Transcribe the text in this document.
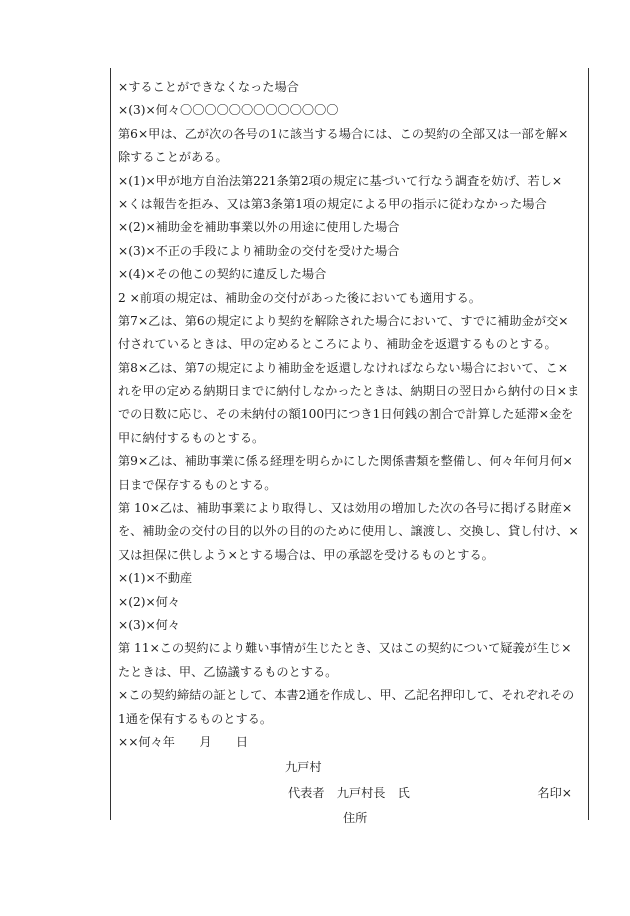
×することができなくなった場合
×(3)×何々〇〇〇〇〇〇〇〇〇〇〇〇〇
第6×甲は、乙が次の各号の1に該当する場合には、この契約の全部又は一部を解×
除することがある。
×(1)×甲が地方自治法第221条第2項の規定に基づいて行なう調査を妨げ、若し×
×くは報告を拒み、又は第3条第1項の規定による甲の指示に従わなかった場合
×(2)×補助金を補助事業以外の用途に使用した場合
×(3)×不正の手段により補助金の交付を受けた場合
×(4)×その他この契約に違反した場合
2 ×前項の規定は、補助金の交付があった後においても適用する。
第7×乙は、第6の規定により契約を解除された場合において、すでに補助金が交×
付されているときは、甲の定めるところにより、補助金を返還するものとする。
第8×乙は、第7の規定により補助金を返還しなければならない場合において、こ×
れを甲の定める納期日までに納付しなかったときは、納期日の翌日から納付の日×ま
での日数に応じ、その未納付の額100円につき1日何銭の割合で計算した延滞×金を
甲に納付するものとする。
第9×乙は、補助事業に係る経理を明らかにした関係書類を整備し、何々年何月何×
日まで保存するものとする。
第 10×乙は、補助事業により取得し、又は効用の増加した次の各号に掲げる財産×
を、補助金の交付の目的以外の目的のために使用し、譲渡し、交換し、貸し付け、×
又は担保に供しよう×とする場合は、甲の承認を受けるものとする。
×(1)×不動産
×(2)×何々
×(3)×何々
第 11×この契約により難い事情が生じたとき、又はこの契約について疑義が生じ×
たときは、甲、乙協議するものとする。
×この契約締結の証として、本書2通を作成し、甲、乙記名押印して、それぞれその
1通を保有するものとする。
××何々年　　月　　日
九戸村
代表者　九戸村長　氏	名印×
住所
